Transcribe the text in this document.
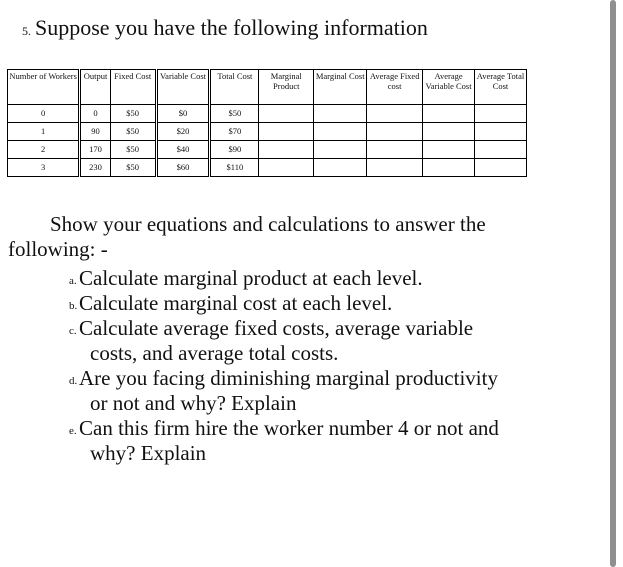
5. Suppose you have the following information
Number of Workers	Output	Fixed Cost	Variable Cost	Total Cost	Marginal Product	Marginal Cost	Average Fixed cost	Average Variable Cost	Average Total Cost
0	0	$50	$0	$50					
1	90	$50	$20	$70					
2	170	$50	$40	$90					
3	230	$50	$60	$110					
Show your equations and calculations to answer the
following: -
a. Calculate marginal product at each level.
b. Calculate marginal cost at each level.
c. Calculate average fixed costs, average variable
costs, and average total costs.
d. Are you facing diminishing marginal productivity
or not and why? Explain
e. Can this firm hire the worker number 4 or not and
why? Explain
